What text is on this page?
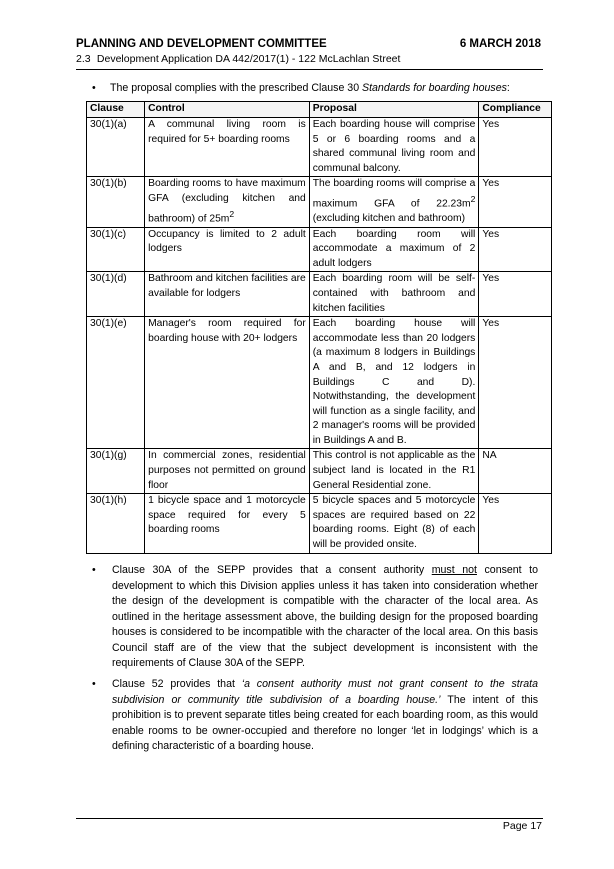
PLANNING AND DEVELOPMENT COMMITTEE	6 MARCH 2018
2.3 Development Application DA 442/2017(1) - 122 McLachlan Street
• The proposal complies with the prescribed Clause 30 Standards for boarding houses:
Clause	Control	Proposal	Compliance
30(1)(a)	A communal living room is required for 5+ boarding rooms	Each boarding house will comprise 5 or 6 boarding rooms and a shared communal living room and communal balcony.	Yes
30(1)(b)	Boarding rooms to have maximum GFA (excluding kitchen and bathroom) of $25m^2$	The boarding rooms will comprise a maximum GFA of $22.23m^2$ (excluding kitchen and bathroom)	Yes
30(1)(c)	Occupancy is limited to 2 adult lodgers	Each boarding room will accommodate a maximum of 2 adult lodgers	Yes
30(1)(d)	Bathroom and kitchen facilities are available for lodgers	Each boarding room will be self-contained with bathroom and kitchen facilities	Yes
30(1)(e)	Manager's room required for boarding house with 20+ lodgers	Each boarding house will accommodate less than 20 lodgers (a maximum 8 lodgers in Buildings A and B, and 12 lodgers in Buildings C and D). Notwithstanding, the development will function as a single facility, and 2 manager's rooms will be provided in Buildings A and B.	Yes
30(1)(g)	In commercial zones, residential purposes not permitted on ground floor	This control is not applicable as the subject land is located in the R1 General Residential zone.	NA
30(1)(h)	1 bicycle space and 1 motorcycle space required for every 5 boarding rooms	5 bicycle spaces and 5 motorcycle spaces are required based on 22 boarding rooms. Eight (8) of each will be provided onsite.	Yes
•	Clause 30A of the SEPP provides that a consent authority must not consent to development to which this Division applies unless it has taken into consideration whether the design of the development is compatible with the character of the local area. As outlined in the heritage assessment above, the building design for the proposed boarding houses is considered to be incompatible with the character of the local area. On this basis Council staff are of the view that the subject development is inconsistent with the requirements of Clause 30A of the SEPP.
•	Clause 52 provides that ‘a consent authority must not grant consent to the strata subdivision or community title subdivision of a boarding house.’ The intent of this prohibition is to prevent separate titles being created for each boarding room, as this would enable rooms to be owner-occupied and therefore no longer ‘let in lodgings’ which is a defining characteristic of a boarding house.
Page 17
